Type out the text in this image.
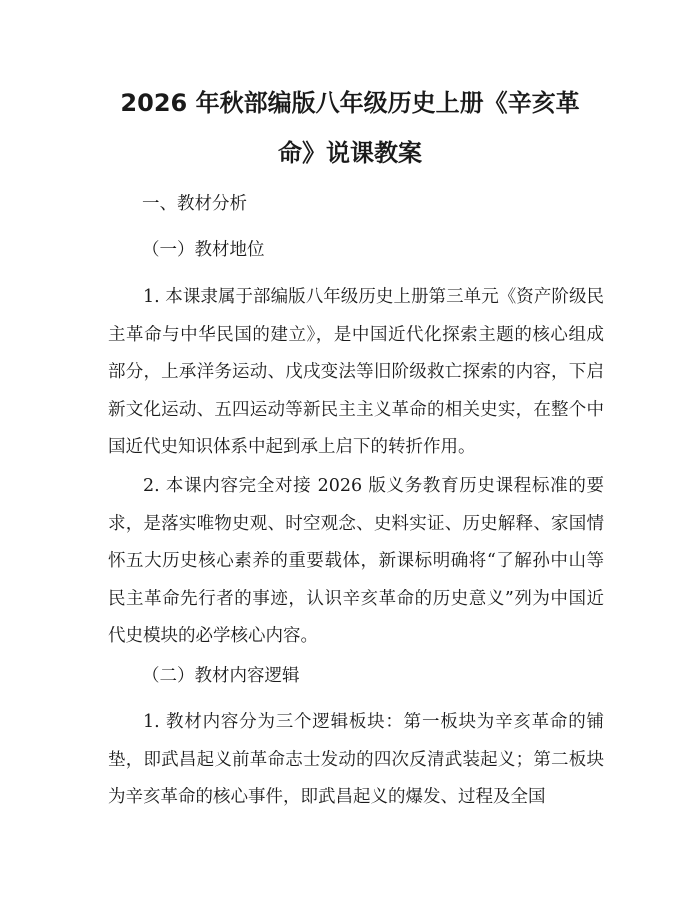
2026 年秋部编版八年级历史上册《辛亥革
命》说课教案

一、教材分析

（一）教材地位

1. 本课隶属于部编版八年级历史上册第三单元《资产阶级民主革命与中华民国的建立》，是中国近代化探索主题的核心组成部分，上承洋务运动、戊戌变法等旧阶级救亡探索的内容，下启新文化运动、五四运动等新民主主义革命的相关史实，在整个中国近代史知识体系中起到承上启下的转折作用。

2. 本课内容完全对接 2026 版义务教育历史课程标准的要求，是落实唯物史观、时空观念、史料实证、历史解释、家国情怀五大历史核心素养的重要载体，新课标明确将“了解孙中山等民主革命先行者的事迹，认识辛亥革命的历史意义”列为中国近代史模块的必学核心内容。

（二）教材内容逻辑

1. 教材内容分为三个逻辑板块：第一板块为辛亥革命的铺垫，即武昌起义前革命志士发动的四次反清武装起义；第二板块为辛亥革命的核心事件，即武昌起义的爆发、过程及全国
